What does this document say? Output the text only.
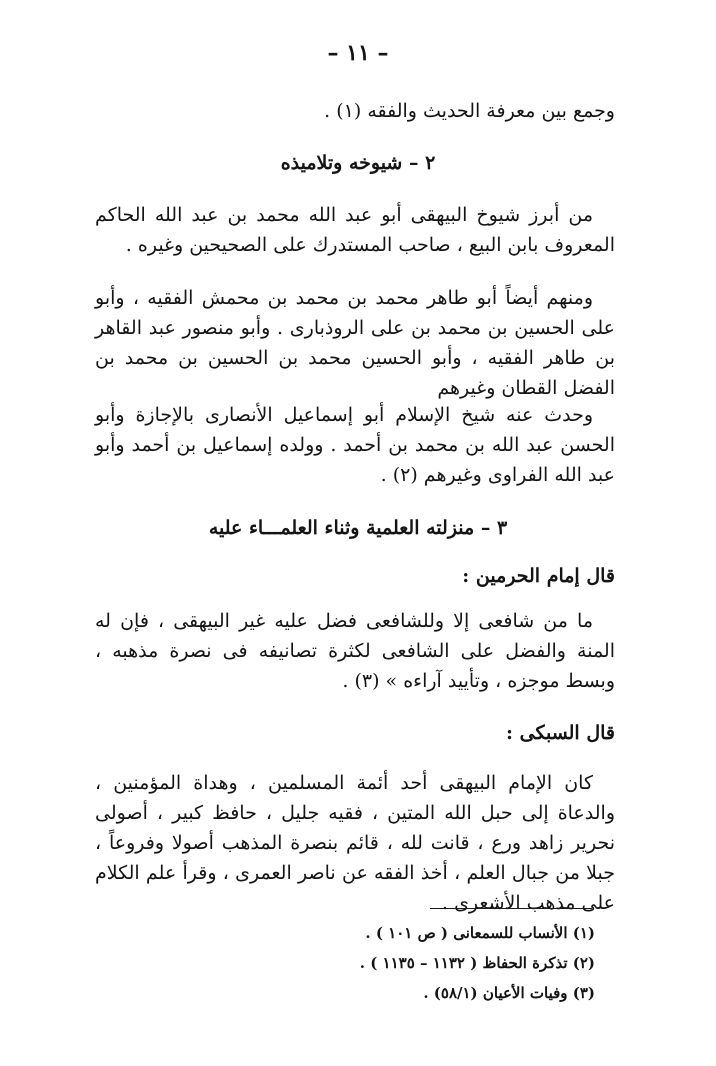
– ١١ –
وجمع بين معرفة الحديث والفقه (١) .
٢ – شيوخه وتلاميذه
من أبرز شيوخ البيهقى أبو عبد الله محمد بن عبد الله الحاكم المعروف بابن البيع ، صاحب المستدرك على الصحيحين وغيره .
ومنهم أيضاً أبو طاهر محمد بن محمد بن محمش الفقيه ، وأبو على الحسين بن محمد بن على الروذبارى . وأبو منصور عبد القاهر بن طاهر الفقيه ، وأبو الحسين محمد بن الحسين بن محمد بن الفضل القطان وغيرهم
وحدث عنه شيخ الإسلام أبو إسماعيل الأنصارى بالإجازة وأبو الحسن عبد الله بن محمد بن أحمد . وولده إسماعيل بن أحمد وأبو عبد الله الفراوى وغيرهم (٢) .
٣ – منزلته العلمية وثناء العلمـــاء عليه
قال إمام الحرمين :
ما من شافعى إلا وللشافعى فضل عليه غير البيهقى ، فإن له المنة والفضل على الشافعى لكثرة تصانيفه فى نصرة مذهبه ، وبسط موجزه ، وتأييد آراءه » (٣) .
قال السبكى :
كان الإمام البيهقى أحد أئمة المسلمين ، وهداة المؤمنين ، والدعاة إلى حبل الله المتين ، فقيه جليل ، حافظ كبير ، أصولى نحرير زاهد ورع ، قانت لله ، قائم بنصرة المذهب أصولا وفروعاً ، جبلا من جبال العلم ، أخذ الفقه عن ناصر العمرى ، وقرأ علم الكلام على مذهب الأشعرى .
(١) الأنساب للسمعانى ( ص ١٠١ ) .
(٢) تذكرة الحفاظ ( ١١٣٢ – ١١٣٥ ) .
(٣) وفيات الأعيان (٥٨/١) .
